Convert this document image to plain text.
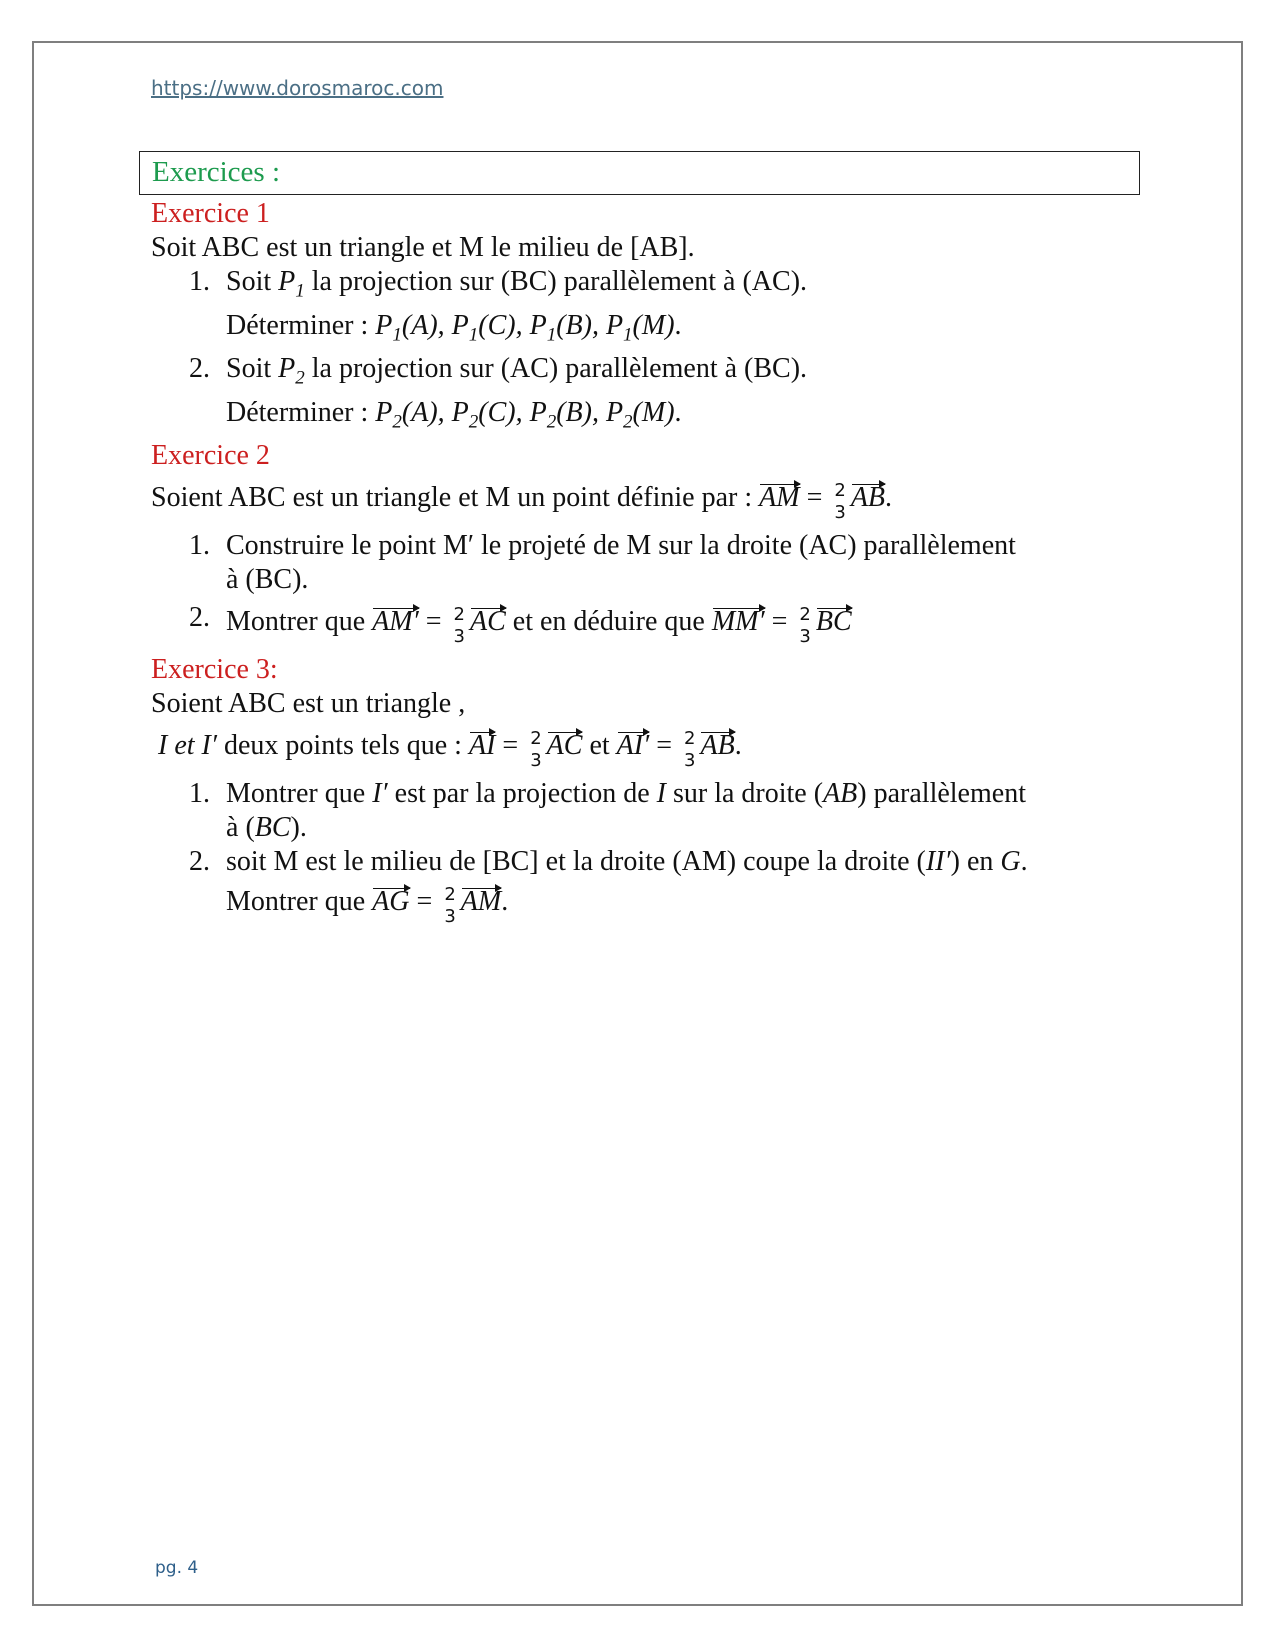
https://www.dorosmaroc.com
Exercices :
Exercice 1
Soit ABC est un triangle et M le milieu de [AB].
1. Soit $P_1$ la projection sur (BC) parallèlement à (AC).
Déterminer : $P_1(A)$, $P_1(C)$, $P_1(B)$, $P_1(M)$.
2. Soit $P_2$ la projection sur (AC) parallèlement à (BC).
Déterminer : $P_2(A)$, $P_2(C)$, $P_2(B)$, $P_2(M)$.
Exercice 2
Soient ABC est un triangle et M un point définie par : AM = 2
3 AB.
1. Construire le point M′ le projeté de M sur la droite (AC) parallèlement
à (BC).
2. Montrer que AM′ = 2
3 AC et en déduire que MM′ = 2
3 BC
Exercice 3:
Soient ABC est un triangle ,
I et I′ deux points tels que : AI = 2
3 AC et AI′ = 2
3 AB.
1. Montrer que I′ est par la projection de I sur la droite (AB) parallèlement
à (BC).
2. soit M est le milieu de [BC] et la droite (AM) coupe la droite (II′) en G.
Montrer que AG = 2
3 AM.
pg. 4
